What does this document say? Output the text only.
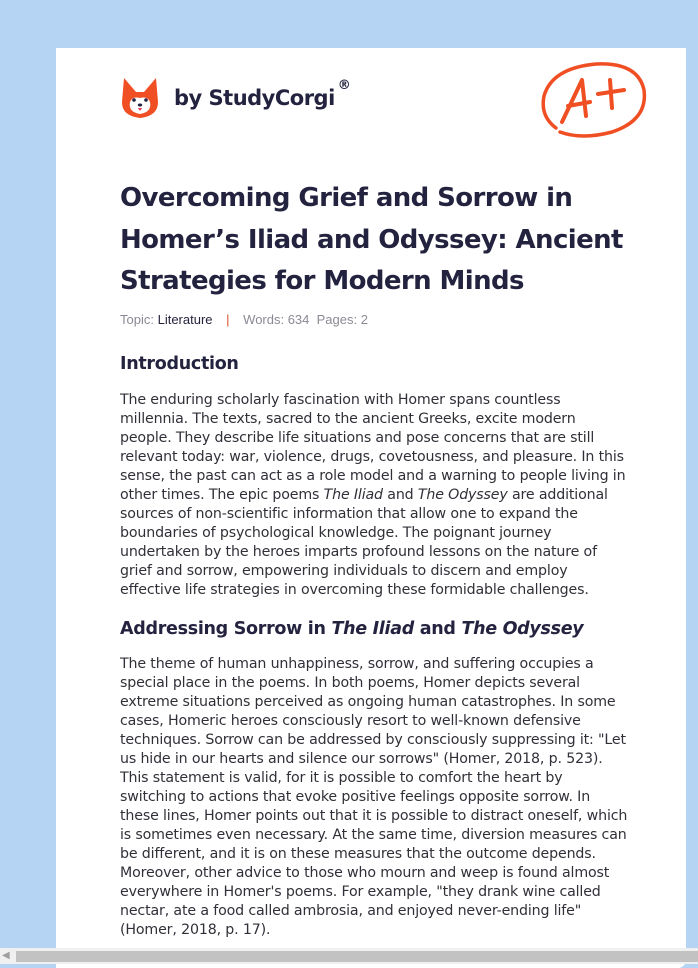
by StudyCorgi®
Overcoming Grief and Sorrow in Homer’s Iliad and Odyssey: Ancient Strategies for Modern Minds
Topic: Literature | Words: 634 Pages: 2
Introduction

The enduring scholarly fascination with Homer spans countless millennia. The texts, sacred to the ancient Greeks, excite modern people. They describe life situations and pose concerns that are still relevant today: war, violence, drugs, covetousness, and pleasure. In this sense, the past can act as a role model and a warning to people living in other times. The epic poems The Iliad and The Odyssey are additional sources of non-scientific information that allow one to expand the boundaries of psychological knowledge. The poignant journey undertaken by the heroes imparts profound lessons on the nature of grief and sorrow, empowering individuals to discern and employ effective life strategies in overcoming these formidable challenges.

Addressing Sorrow in The Iliad and The Odyssey

The theme of human unhappiness, sorrow, and suffering occupies a special place in the poems. In both poems, Homer depicts several extreme situations perceived as ongoing human catastrophes. In some cases, Homeric heroes consciously resort to well-known defensive techniques. Sorrow can be addressed by consciously suppressing it: "Let us hide in our hearts and silence our sorrows" (Homer, 2018, p. 523). This statement is valid, for it is possible to comfort the heart by switching to actions that evoke positive feelings opposite sorrow. In these lines, Homer points out that it is possible to distract oneself, which is sometimes even necessary. At the same time, diversion measures can be different, and it is on these measures that the outcome depends. Moreover, other advice to those who mourn and weep is found almost everywhere in Homer's poems. For example, "they drank wine called nectar, ate a food called ambrosia, and enjoyed never-ending life" (Homer, 2018, p. 17).

◀
